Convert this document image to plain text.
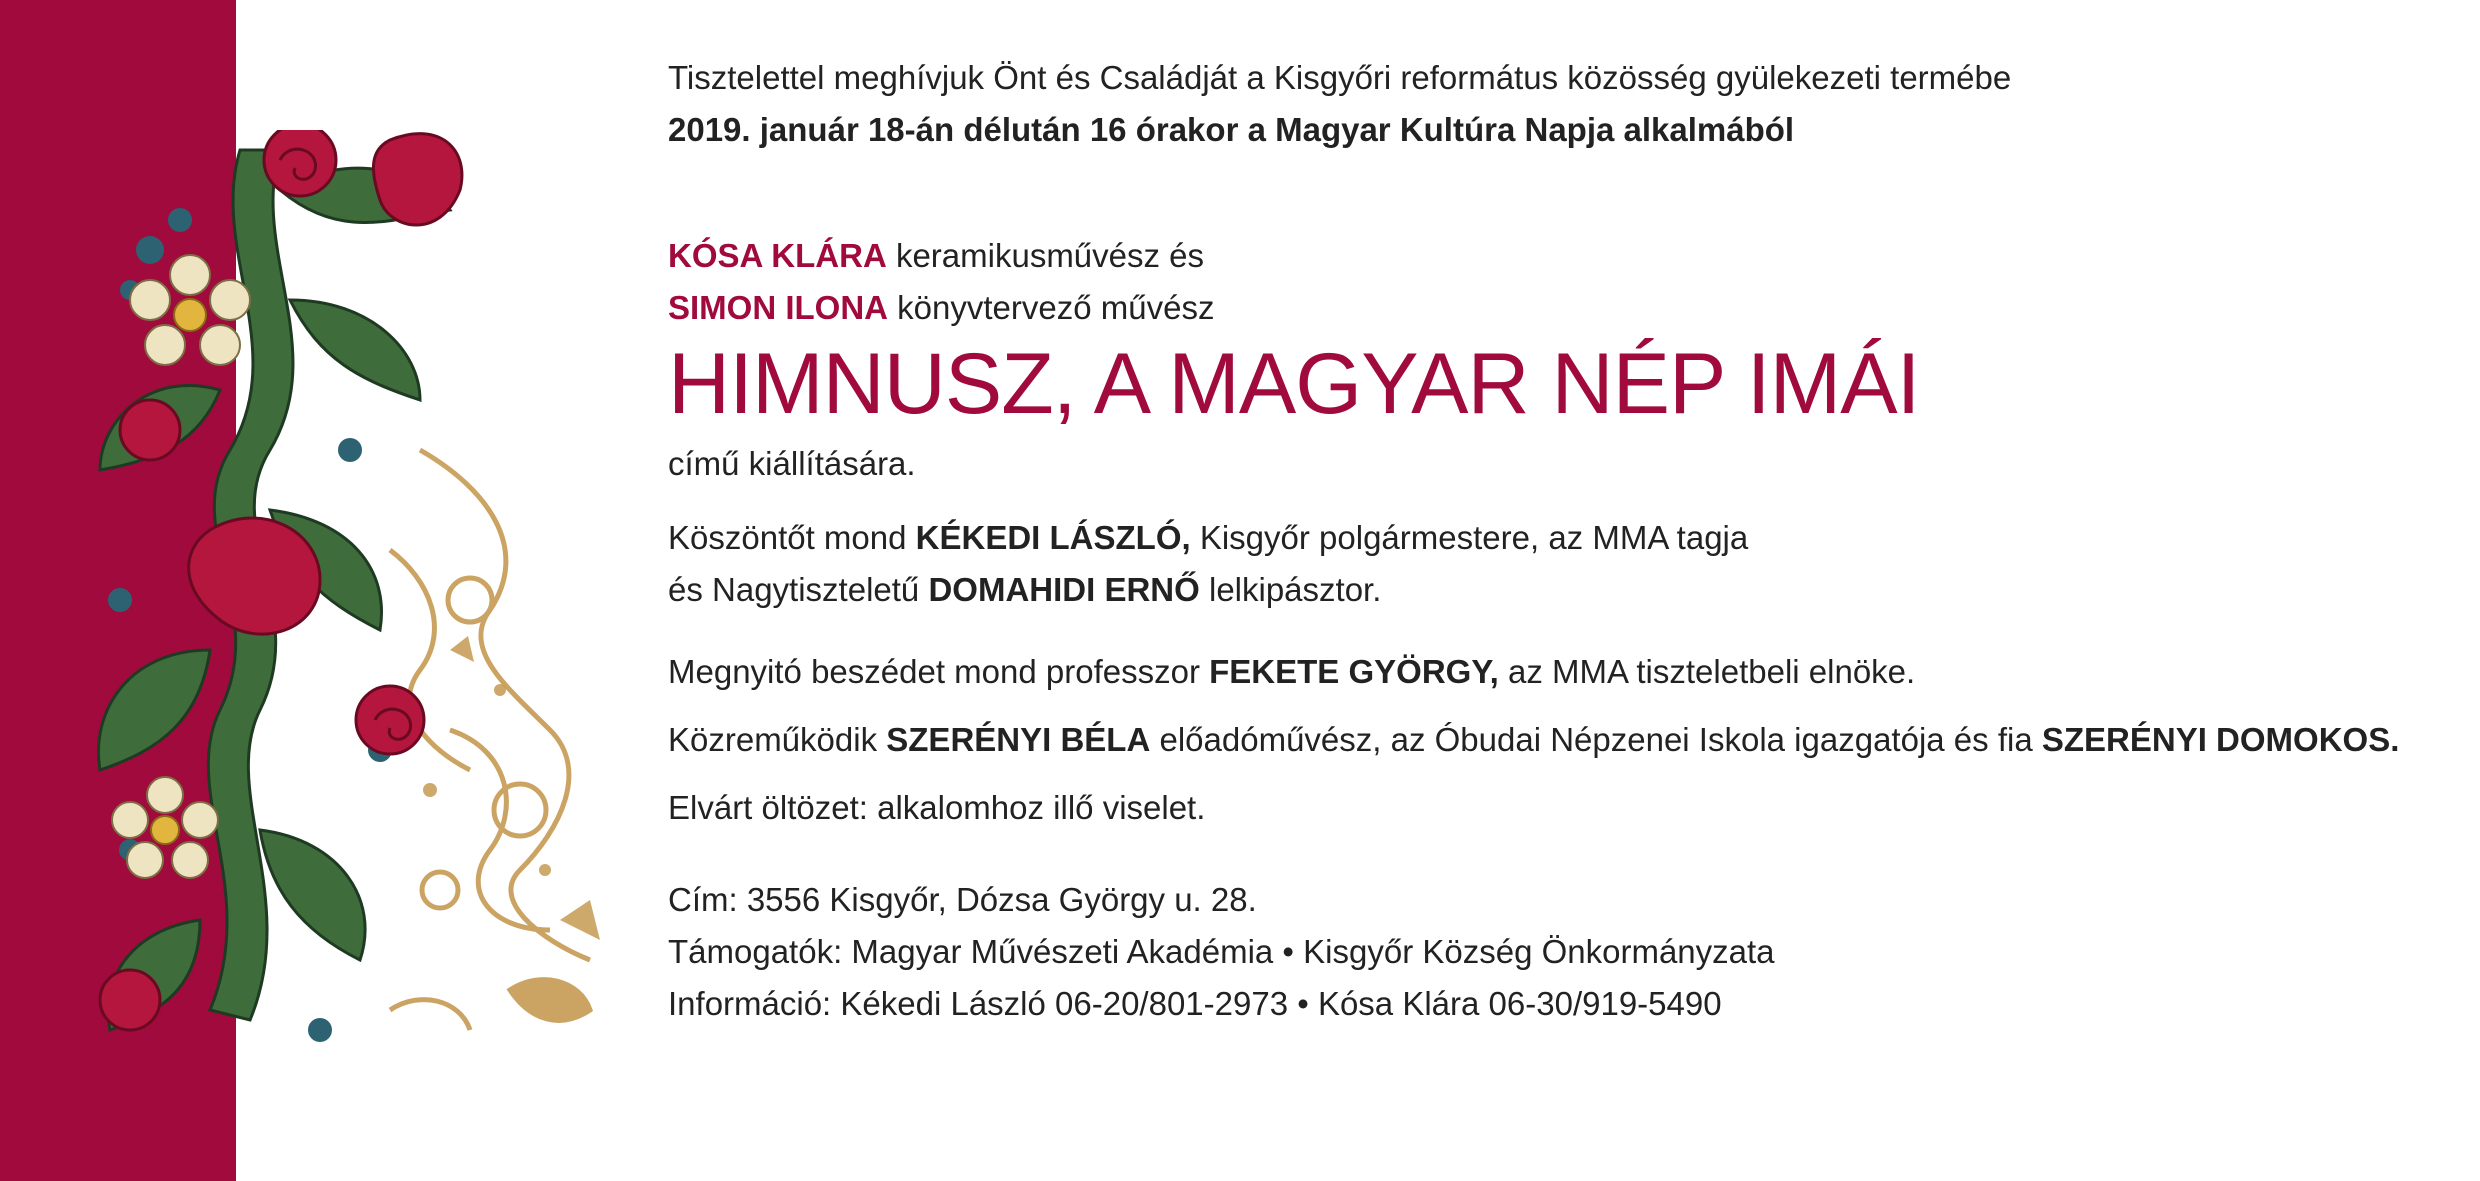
Tisztelettel meghívjuk Önt és Családját a Kisgyőri református közösség gyülekezeti termébe
2019. január 18-án délután 16 órakor a Magyar Kultúra Napja alkalmából
KÓSA KLÁRA keramikusművész és
SIMON ILONA könyvtervező művész
HIMNUSZ, A MAGYAR NÉP IMÁI
című kiállítására.
Köszöntőt mond KÉKEDI LÁSZLÓ, Kisgyőr polgármestere, az MMA tagja
és Nagytiszteletű DOMAHIDI ERNŐ lelkipásztor.
Megnyitó beszédet mond professzor FEKETE GYÖRGY, az MMA tiszteletbeli elnöke.
Közreműködik SZERÉNYI BÉLA előadóművész, az Óbudai Népzenei Iskola igazgatója és fia SZERÉNYI DOMOKOS.
Elvárt öltözet: alkalomhoz illő viselet.
Cím: 3556 Kisgyőr, Dózsa György u. 28.
Támogatók: Magyar Művészeti Akadémia • Kisgyőr Község Önkormányzata
Információ: Kékedi László 06-20/801-2973 • Kósa Klára 06-30/919-5490
